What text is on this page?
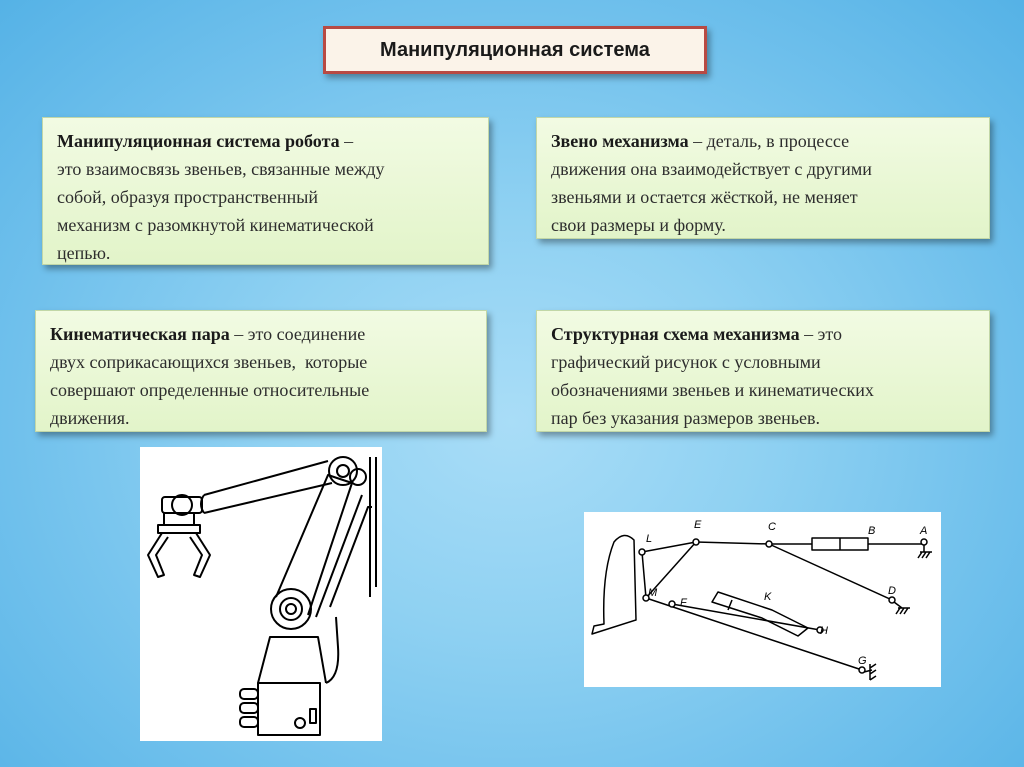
Манипуляционная система
Манипуляционная система робота –
это взаимосвязь звеньев, связанные между
собой, образуя пространственный
механизм с разомкнутой кинематической
цепью.
Звено механизма – деталь, в процессе
движения она взаимодействует с другими
звеньями и остается жёсткой, не меняет
свои размеры и форму.
Кинематическая пара – это соединение
двух соприкасающихся звеньев,  которые
совершают определенные относительные
движения.
Структурная схема механизма – это
графический рисунок с условными
обозначениями звеньев и кинематических
пар без указания размеров звеньев.
L
E	C	B	A
D
M
F	K
H
G
